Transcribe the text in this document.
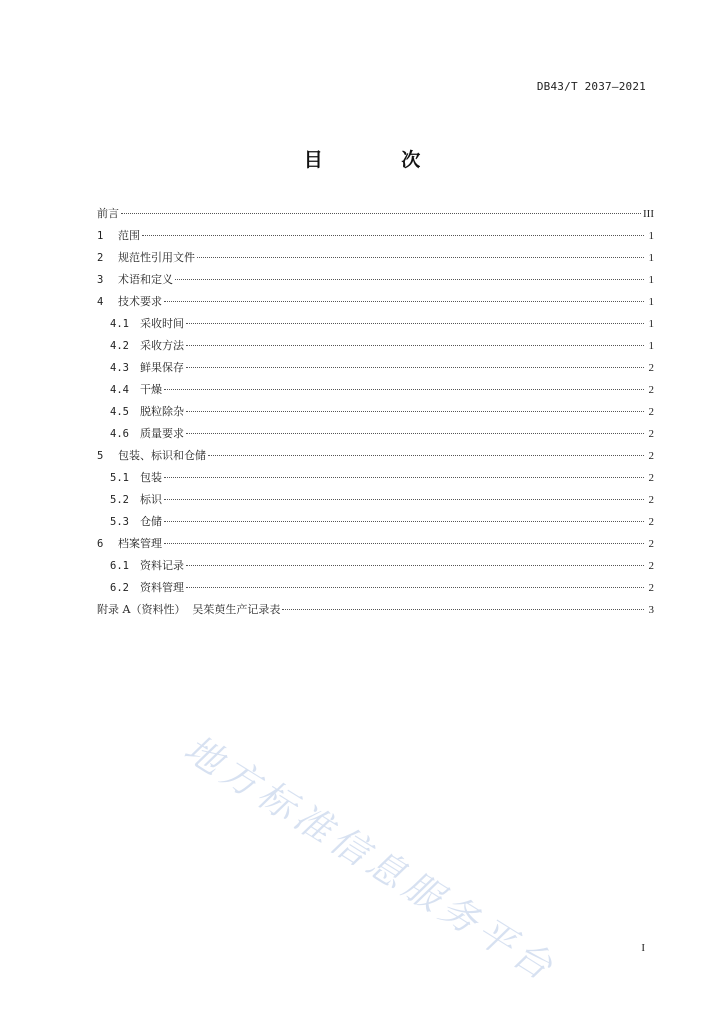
DB43/T 2037—2021
目 次
前言	III
1 范围	1
2 规范性引用文件	1
3 术语和定义	1
4 技术要求	1
4.1 采收时间	1
4.2 采收方法	1
4.3 鲜果保存	2
4.4 干燥	2
4.5 脱粒除杂	2
4.6 质量要求	2
5 包装、标识和仓储	2
5.1 包装	2
5.2 标识	2
5.3 仓储	2
6 档案管理	2
6.1 资料记录	2
6.2 资料管理	2
附录 A（资料性）  吴茱萸生产记录表	3
地方标准信息服务平台	I
